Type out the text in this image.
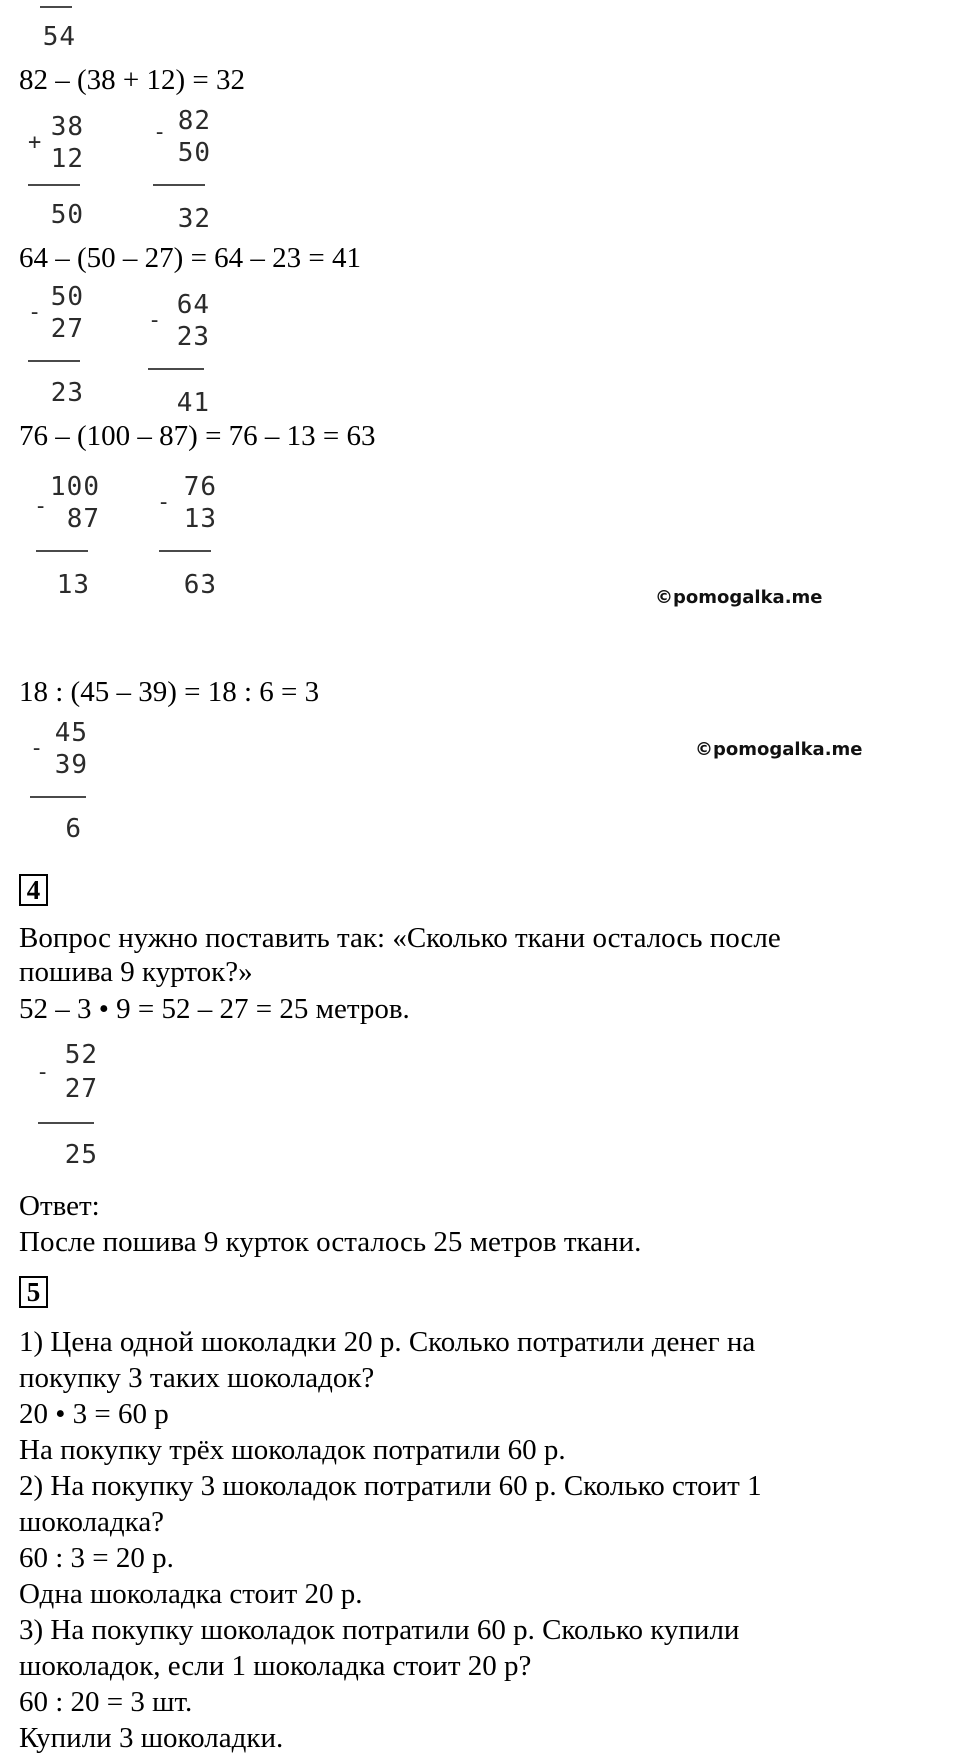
54
82 – (38 + 12) = 32
+
38
12
50
- 82
50
32
64 – (50 – 27) = 64 – 23 = 41
-
50
27
23
-
64
23
41
76 – (100 – 87) = 76 – 13 = 63
-
100
87
13
-
76
13
63	©pomogalka.me
18 : (45 – 39) = 18 : 6 = 3
-
45
39
6
©pomogalka.me
4
Вопрос нужно поставить так: «Сколько ткани осталось после
пошива 9 курток?»
52 – 3 • 9 = 52 – 27 = 25 метров.
-
52
27
25
Ответ:
После пошива 9 курток осталось 25 метров ткани.
5
1) Цена одной шоколадки 20 р. Сколько потратили денег на
покупку 3 таких шоколадок?
20 • 3 = 60 р
На покупку трёх шоколадок потратили 60 р.
2) На покупку 3 шоколадок потратили 60 р. Сколько стоит 1
шоколадка?
60 : 3 = 20 р.
Одна шоколадка стоит 20 р.
3) На покупку шоколадок потратили 60 р. Сколько купили
шоколадок, если 1 шоколадка стоит 20 р?
60 : 20 = 3 шт.
Купили 3 шоколадки.
